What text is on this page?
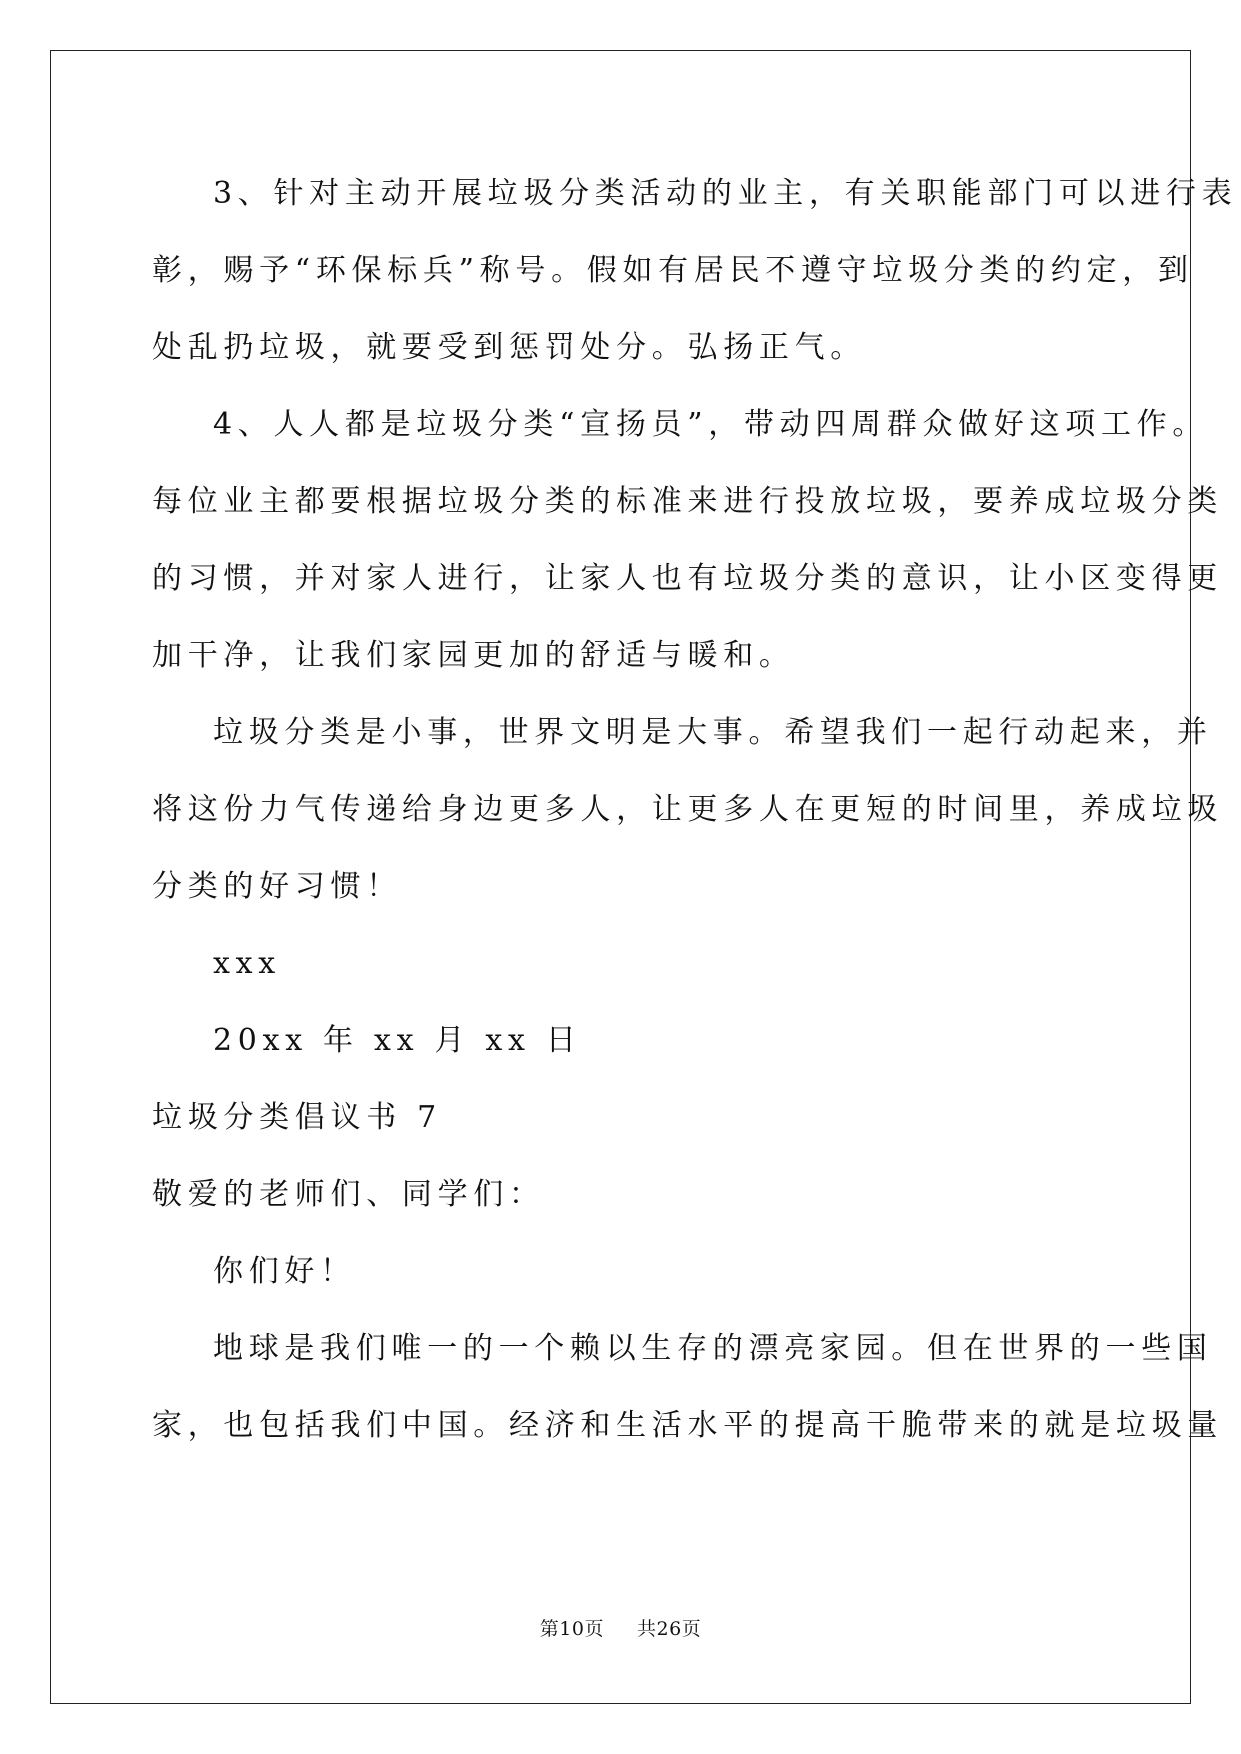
3、针对主动开展垃圾分类活动的业主，有关职能部门可以进行表

彰，赐予“环保标兵”称号。假如有居民不遵守垃圾分类的约定，到

处乱扔垃圾，就要受到惩罚处分。弘扬正气。

4、人人都是垃圾分类“宣扬员”，带动四周群众做好这项工作。

每位业主都要根据垃圾分类的标准来进行投放垃圾，要养成垃圾分类

的习惯，并对家人进行，让家人也有垃圾分类的意识，让小区变得更

加干净，让我们家园更加的舒适与暖和。

垃圾分类是小事，世界文明是大事。希望我们一起行动起来，并

将这份力气传递给身边更多人，让更多人在更短的时间里，养成垃圾

分类的好习惯！

xxx

20xx 年 xx 月 xx 日

垃圾分类倡议书 7

敬爱的老师们、同学们：

你们好！

地球是我们唯一的一个赖以生存的漂亮家园。但在世界的一些国

家，也包括我们中国。经济和生活水平的提高干脆带来的就是垃圾量

第10页 共26页
